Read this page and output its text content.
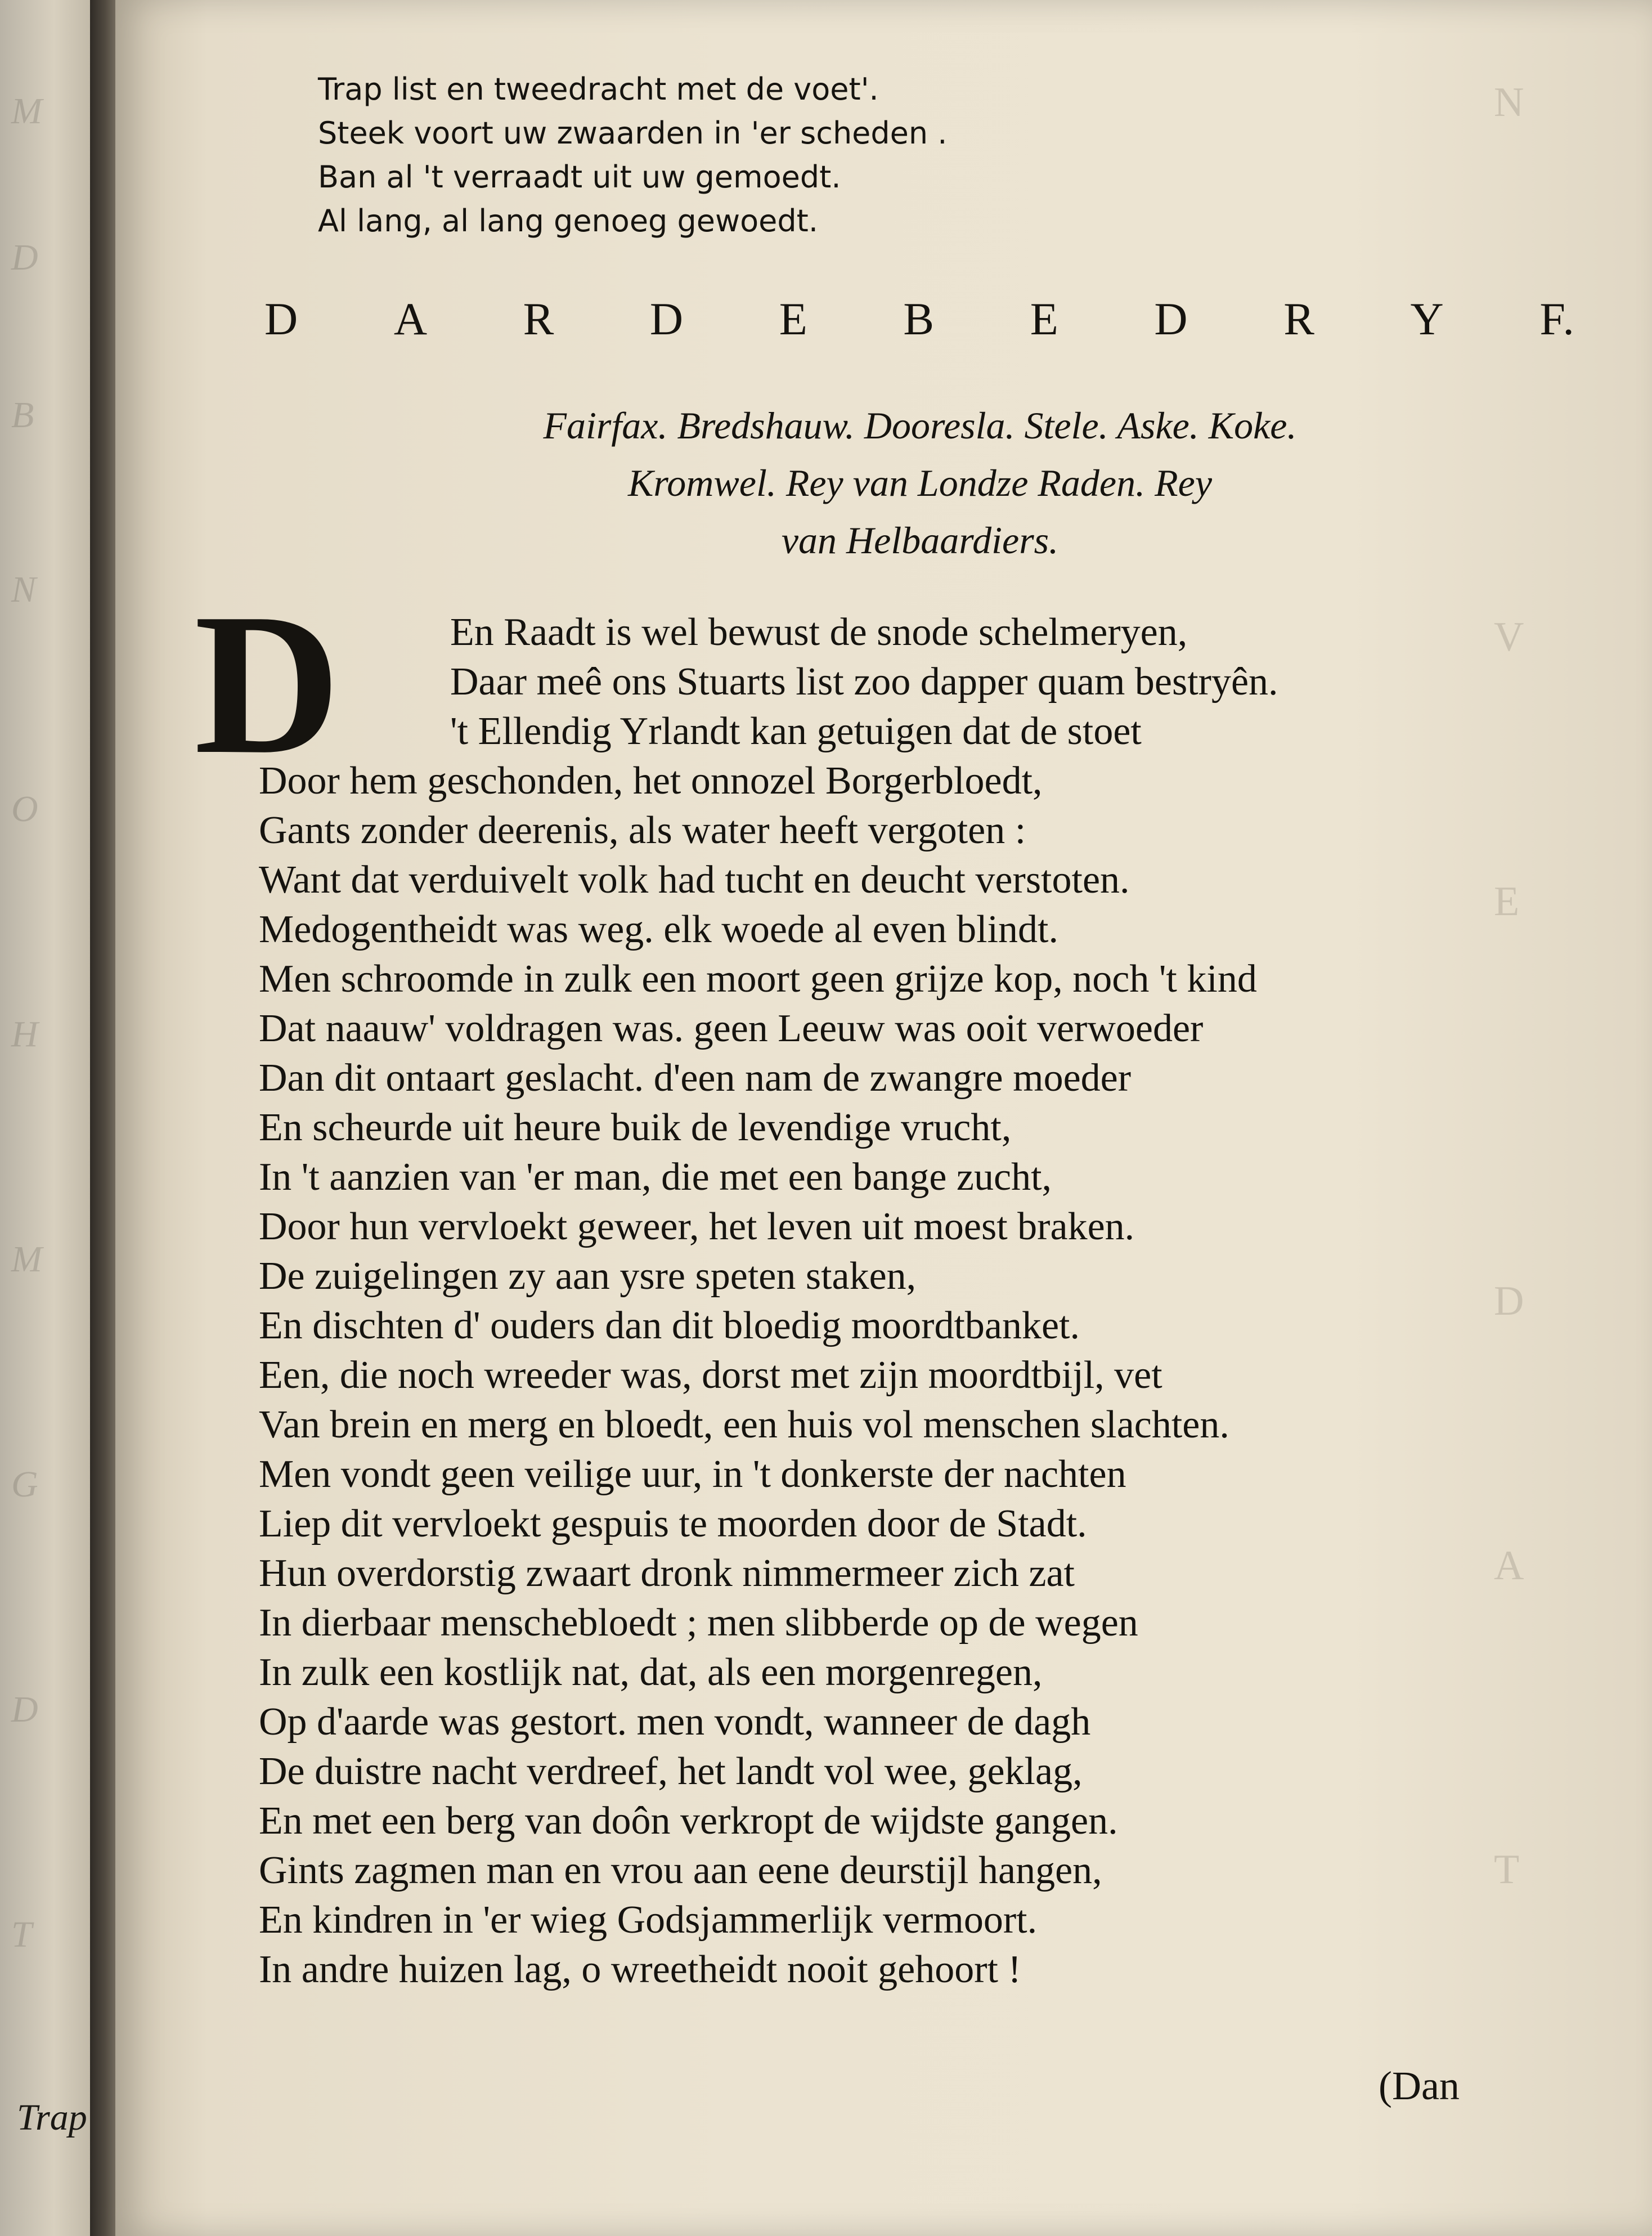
M
D
B
N
O
H
M
G
D
T
Trap
N
V
E
D
A
T
Trap list en tweedracht met de voet'.
Steek voort uw zwaarden in 'er scheden .
Ban al 't verraadt uit uw gemoedt.
Al lang, al lang genoeg gewoedt.
D A R D E B E D R Y F.
Fairfax. Bredshauw. Dooresla. Stele. Aske. Koke.
Kromwel. Rey van Londze Raden. Rey
van Helbaardiers.
D	En Raadt is wel bewust de snode schelmeryen,
Daar meê ons Stuarts list zoo dapper quam bestryên.
't Ellendig Yrlandt kan getuigen dat de stoet
Door hem geschonden, het onnozel Borgerbloedt,
Gants zonder deerenis, als water heeft vergoten :
Want dat verduivelt volk had tucht en deucht verstoten.
Medogentheidt was weg. elk woede al even blindt.
Men schroomde in zulk een moort geen grijze kop, noch 't kind
Dat naauw' voldragen was. geen Leeuw was ooit verwoeder
Dan dit ontaart geslacht. d'een nam de zwangre moeder
En scheurde uit heure buik de levendige vrucht,
In 't aanzien van 'er man, die met een bange zucht,
Door hun vervloekt geweer, het leven uit moest braken.
De zuigelingen zy aan ysre speten staken,
En dischten d' ouders dan dit bloedig moordtbanket.
Een, die noch wreeder was, dorst met zijn moordtbijl, vet
Van brein en merg en bloedt, een huis vol menschen slachten.
Men vondt geen veilige uur, in 't donkerste der nachten
Liep dit vervloekt gespuis te moorden door de Stadt.
Hun overdorstig zwaart dronk nimmermeer zich zat
In dierbaar menschebloedt ; men slibberde op de wegen
In zulk een kostlijk nat, dat, als een morgenregen,
Op d'aarde was gestort. men vondt, wanneer de dagh
De duistre nacht verdreef, het landt vol wee, geklag,
En met een berg van doôn verkropt de wijdste gangen.
Gints zagmen man en vrou aan eene deurstijl hangen,
En kindren in 'er wieg Godsjammerlijk vermoort.
In andre huizen lag, o wreetheidt nooit gehoort !
(Dan
